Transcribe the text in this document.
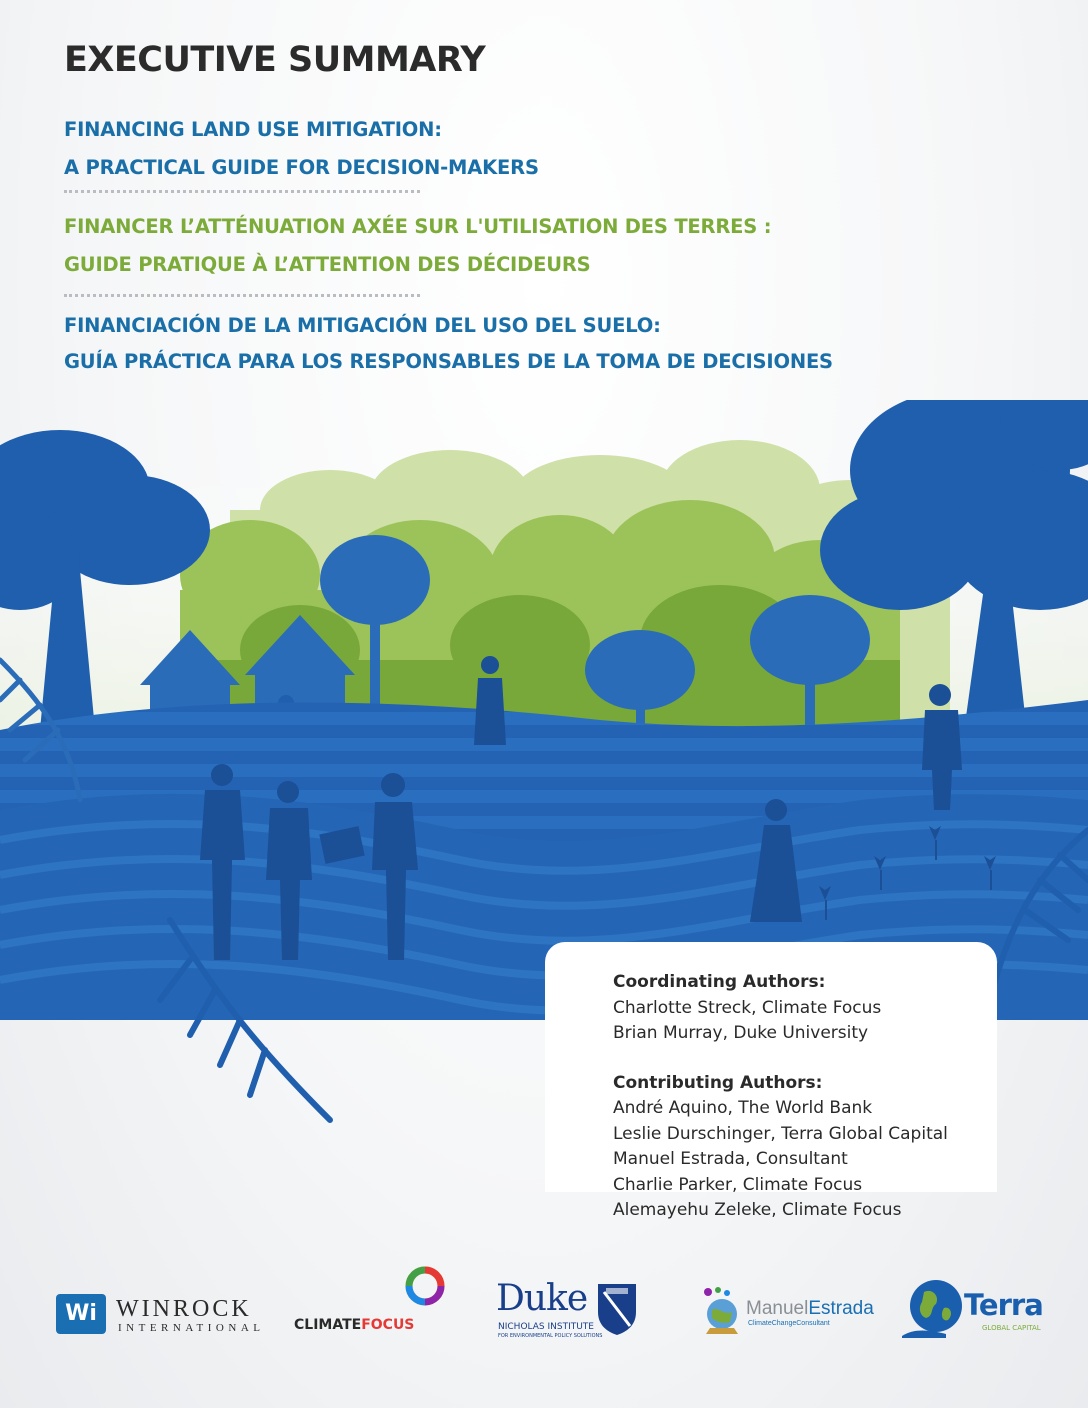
EXECUTIVE SUMMARY
FINANCING LAND USE MITIGATION:
A PRACTICAL GUIDE FOR DECISION-MAKERS
FINANCER L’ATTÉNUATION AXÉE SUR L'UTILISATION DES TERRES :
GUIDE PRATIQUE À L’ATTENTION DES DÉCIDEURS
FINANCIACIÓN DE LA MITIGACIÓN DEL USO DEL SUELO:
GUÍA PRÁCTICA PARA LOS RESPONSABLES DE LA TOMA DE DECISIONES
Coordinating Authors:
Charlotte Streck, Climate Focus
Brian Murray, Duke University
Contributing Authors:
André Aquino, The World Bank
Leslie Durschinger, Terra Global Capital
Manuel Estrada, Consultant
Charlie Parker, Climate Focus
Alemayehu Zeleke, Climate Focus
Wi WINROCK
INTERNATIONAL CLIMATEFOCUS
Duke
NICHOLAS INSTITUTE
FOR ENVIRONMENTAL POLICY SOLUTIONS
ManuelEstrada
ClimateChangeConsultant
Terra
GLOBAL CAPITAL
